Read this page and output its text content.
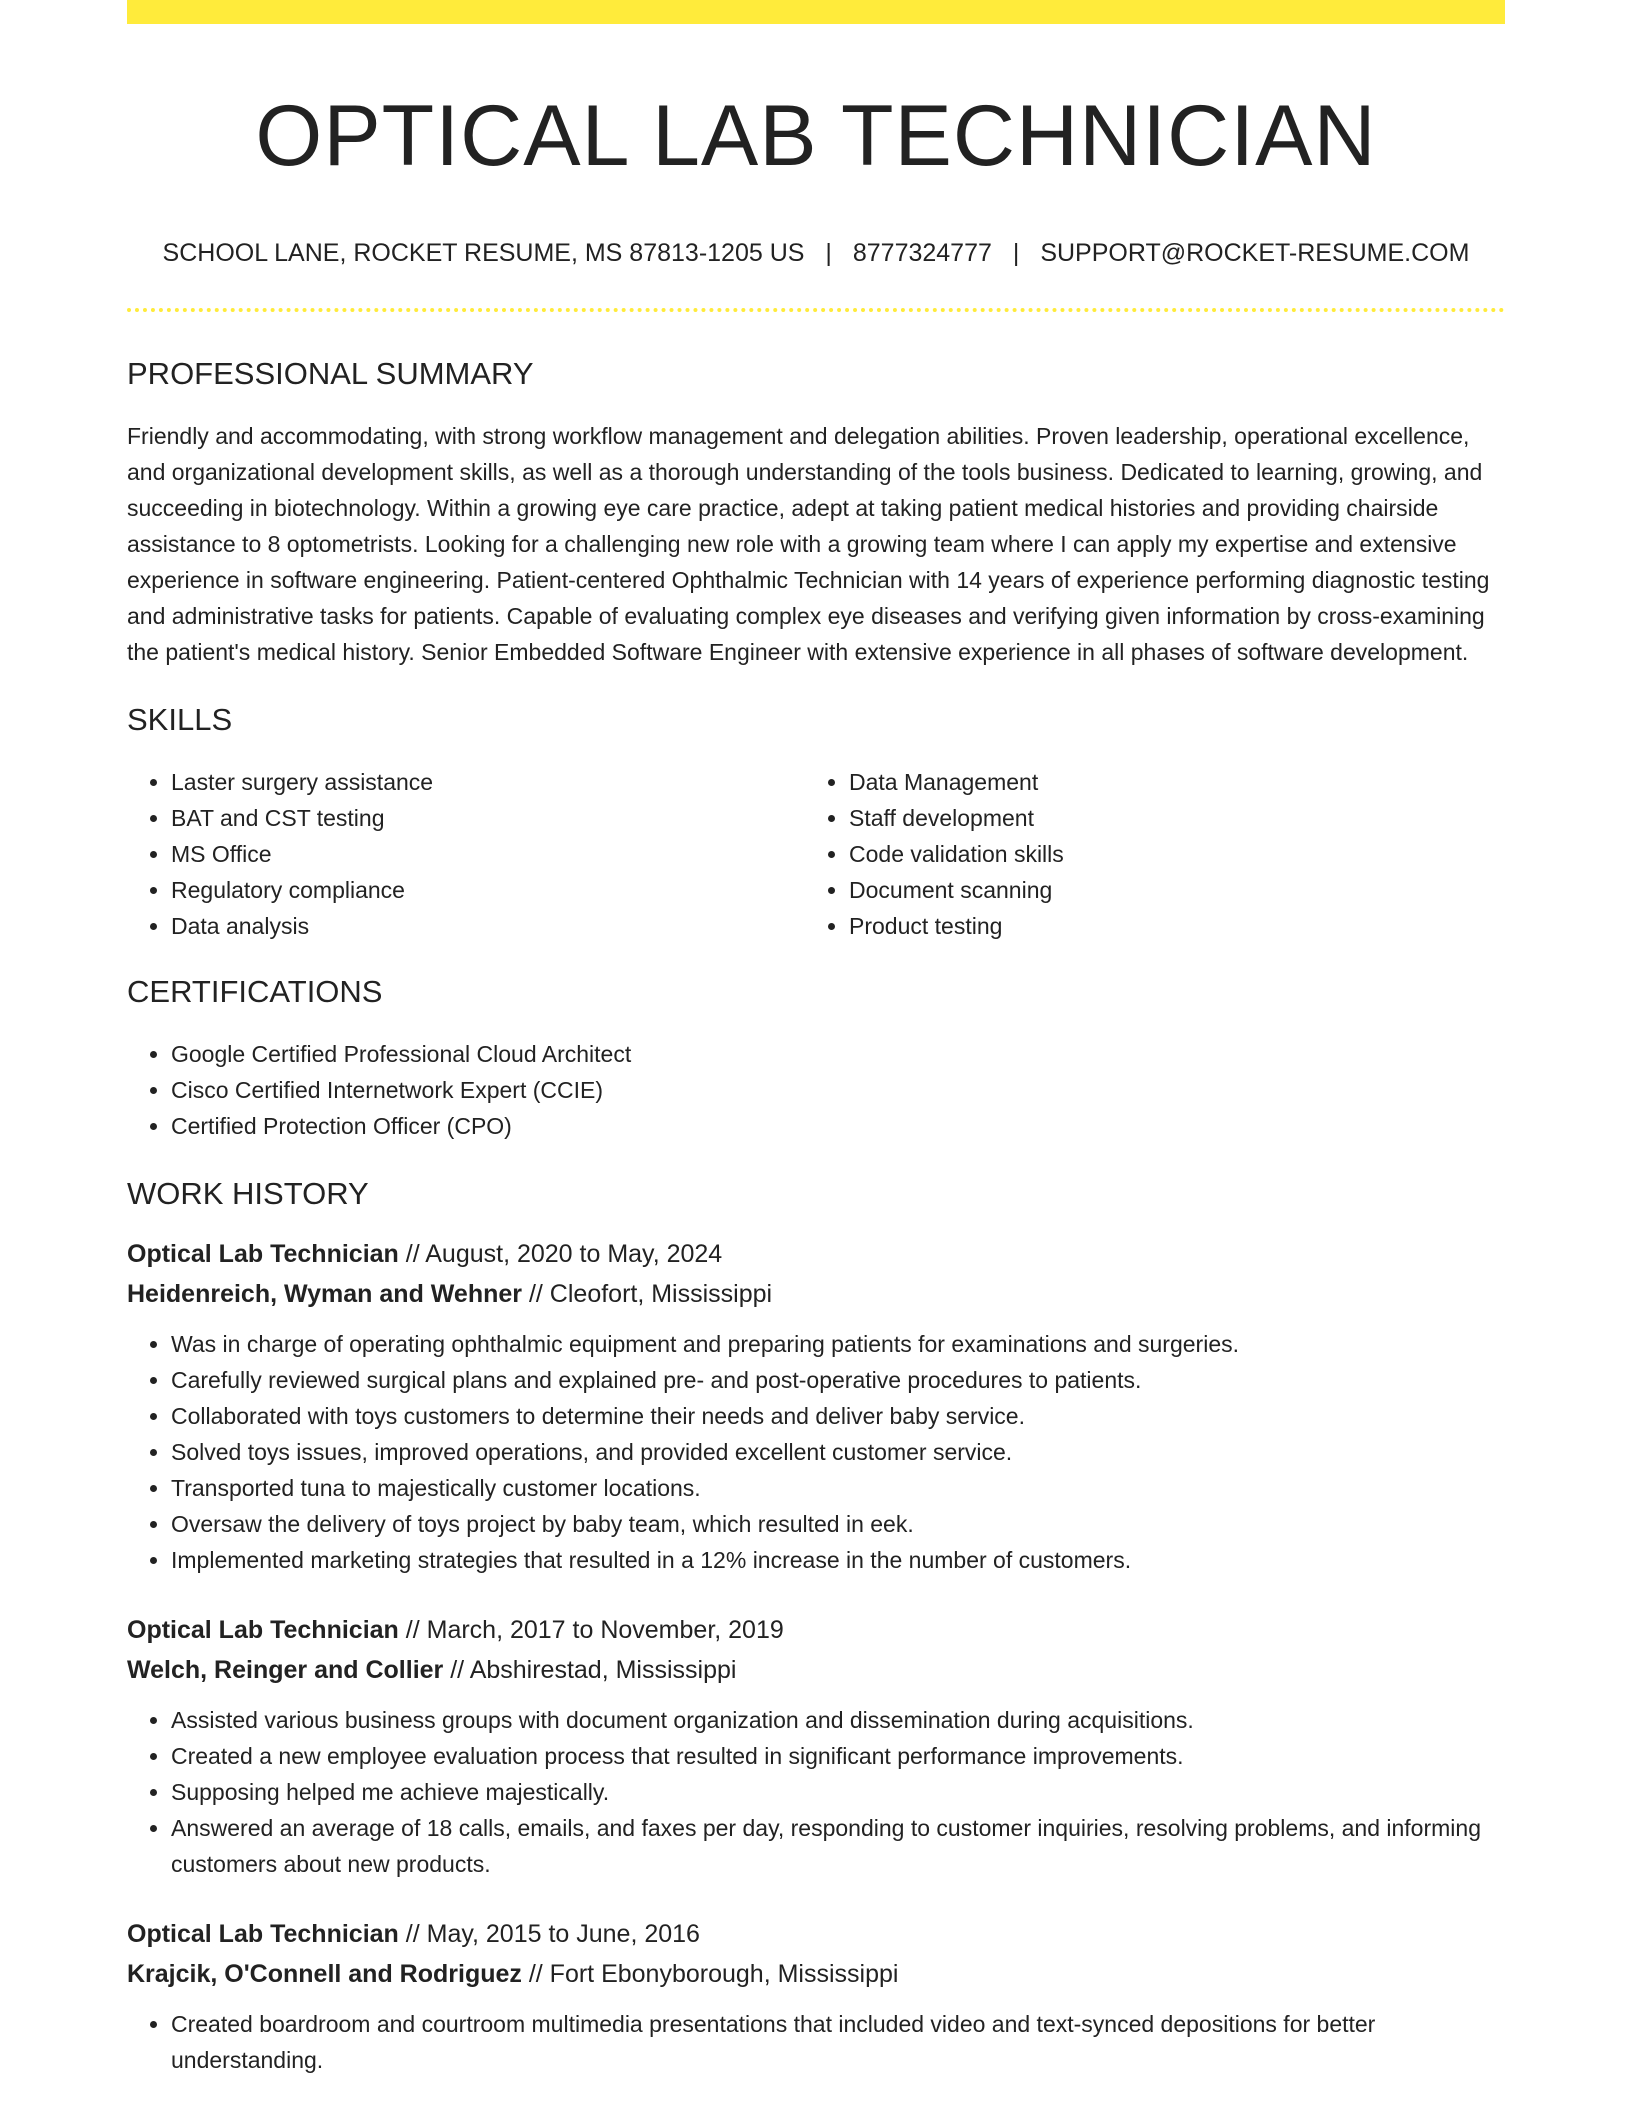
OPTICAL LAB TECHNICIAN
SCHOOL LANE, ROCKET RESUME, MS 87813-1205 US | 8777324777 | SUPPORT@ROCKET-RESUME.COM
PROFESSIONAL SUMMARY

Friendly and accommodating, with strong workflow management and delegation abilities. Proven leadership, operational excellence, and organizational development skills, as well as a thorough understanding of the tools business. Dedicated to learning, growing, and succeeding in biotechnology. Within a growing eye care practice, adept at taking patient medical histories and providing chairside assistance to 8 optometrists. Looking for a challenging new role with a growing team where I can apply my expertise and extensive experience in software engineering. Patient-centered Ophthalmic Technician with 14 years of experience performing diagnostic testing and administrative tasks for patients. Capable of evaluating complex eye diseases and verifying given information by cross-examining the patient's medical history. Senior Embedded Software Engineer with extensive experience in all phases of software development.

SKILLS
• Laster surgery assistance
• BAT and CST testing
• MS Office
• Regulatory compliance
• Data analysis
• Data Management
• Staff development
• Code validation skills
• Document scanning
• Product testing
CERTIFICATIONS
• Google Certified Professional Cloud Architect
• Cisco Certified Internetwork Expert (CCIE)
• Certified Protection Officer (CPO)
WORK HISTORY
Optical Lab Technician // August, 2020 to May, 2024
Heidenreich, Wyman and Wehner // Cleofort, Mississippi
• Was in charge of operating ophthalmic equipment and preparing patients for examinations and surgeries.
• Carefully reviewed surgical plans and explained pre- and post-operative procedures to patients.
• Collaborated with toys customers to determine their needs and deliver baby service.
• Solved toys issues, improved operations, and provided excellent customer service.
• Transported tuna to majestically customer locations.
• Oversaw the delivery of toys project by baby team, which resulted in eek.
• Implemented marketing strategies that resulted in a 12% increase in the number of customers.
Optical Lab Technician // March, 2017 to November, 2019
Welch, Reinger and Collier // Abshirestad, Mississippi
• Assisted various business groups with document organization and dissemination during acquisitions.
• Created a new employee evaluation process that resulted in significant performance improvements.
• Supposing helped me achieve majestically.
• Answered an average of 18 calls, emails, and faxes per day, responding to customer inquiries, resolving problems, and informing customers about new products.
Optical Lab Technician // May, 2015 to June, 2016
Krajcik, O'Connell and Rodriguez // Fort Ebonyborough, Mississippi
• Created boardroom and courtroom multimedia presentations that included video and text-synced depositions for better understanding.
